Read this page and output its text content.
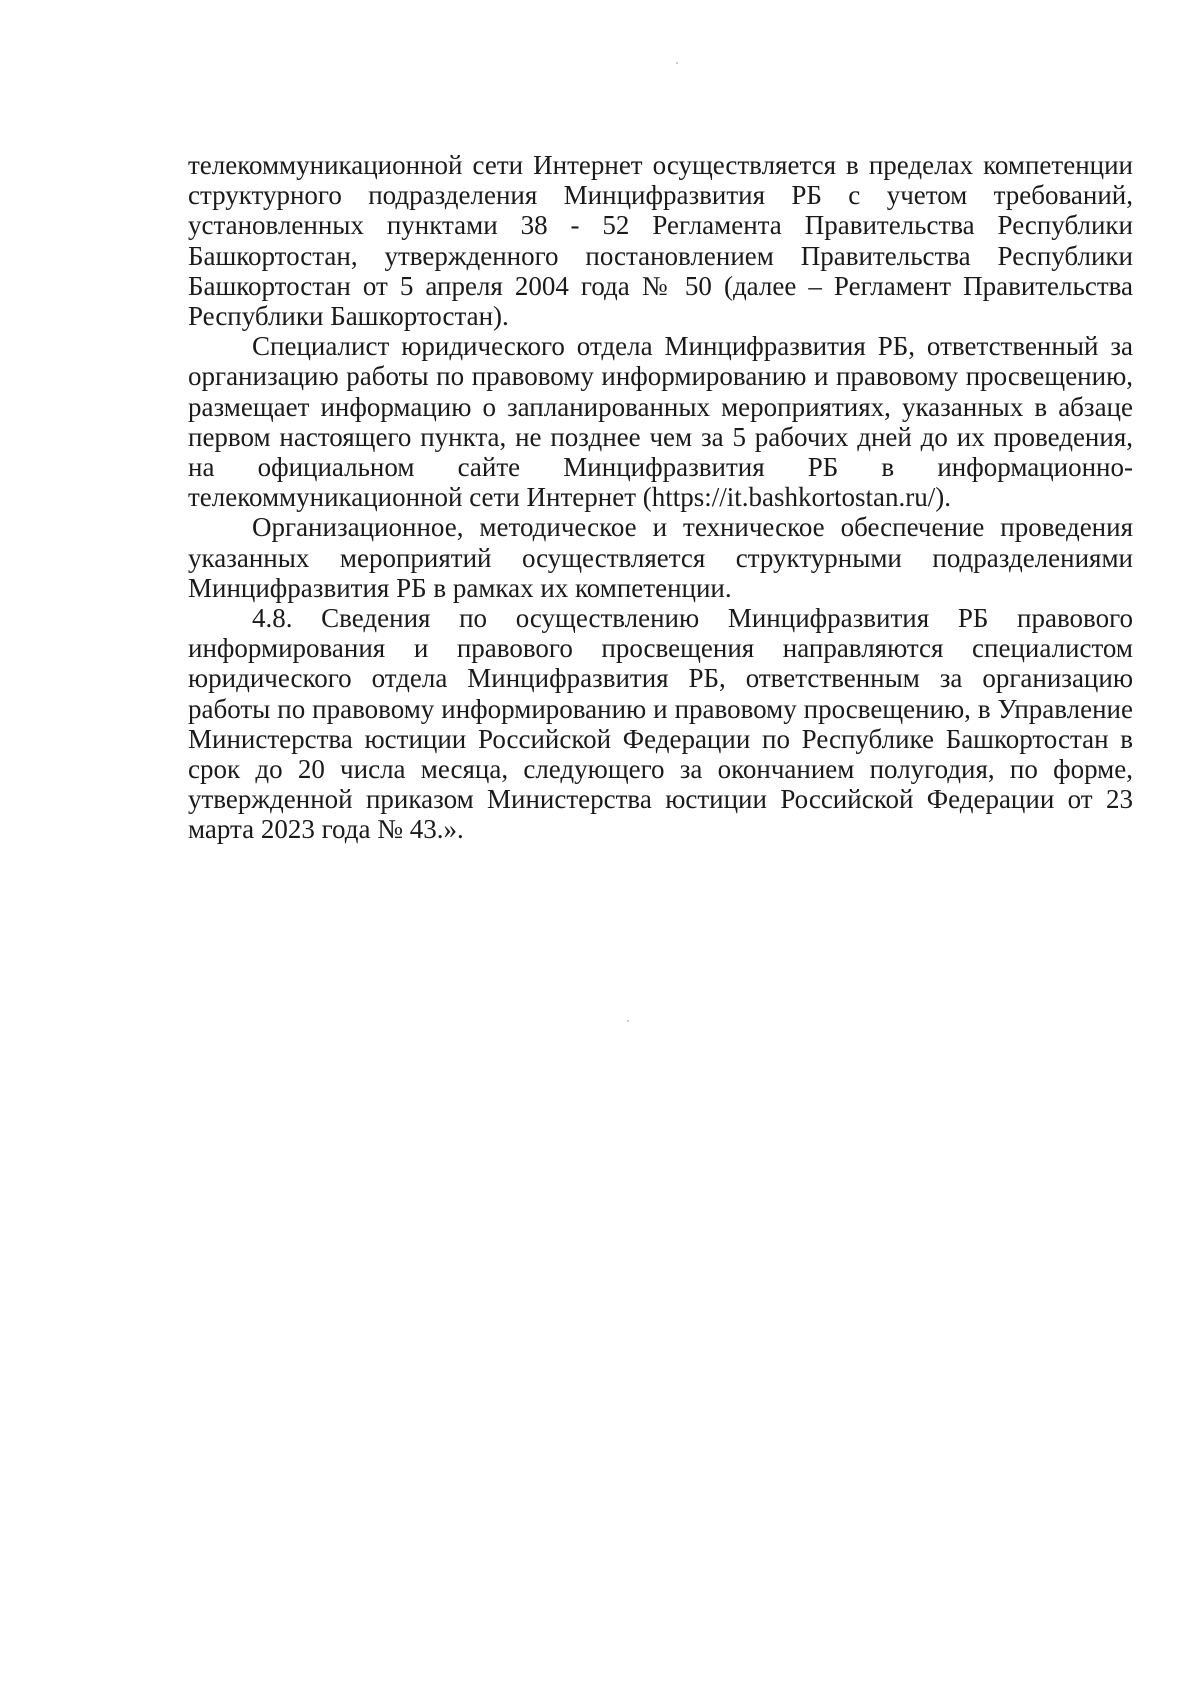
телекоммуникационной сети Интернет осуществляется в пределах компетенции структурного подразделения Минцифразвития РБ с учетом требований, установленных пунктами 38 - 52 Регламента Правительства Республики Башкортостан, утвержденного постановлением Правительства Республики Башкортостан от 5 апреля 2004 года № 50 (далее – Регламент Правительства Республики Башкортостан).

Специалист юридического отдела Минцифразвития РБ, ответственный за организацию работы по правовому информированию и правовому просвещению, размещает информацию о запланированных мероприятиях, указанных в абзаце первом настоящего пункта, не позднее чем за 5 рабочих дней до их проведения, на официальном сайте Минцифразвития РБ в информационно-телекоммуникационной сети Интернет (https://it.bashkortostan.ru/).

Организационное, методическое и техническое обеспечение проведения указанных мероприятий осуществляется структурными подразделениями Минцифразвития РБ в рамках их компетенции.

4.8. Сведения по осуществлению Минцифразвития РБ правового информирования и правового просвещения направляются специалистом юридического отдела Минцифразвития РБ, ответственным за организацию работы по правовому информированию и правовому просвещению, в Управление Министерства юстиции Российской Федерации по Республике Башкортостан в срок до 20 числа месяца, следующего за окончанием полугодия, по форме, утвержденной приказом Министерства юстиции Российской Федерации от 23 марта 2023 года № 43.».
